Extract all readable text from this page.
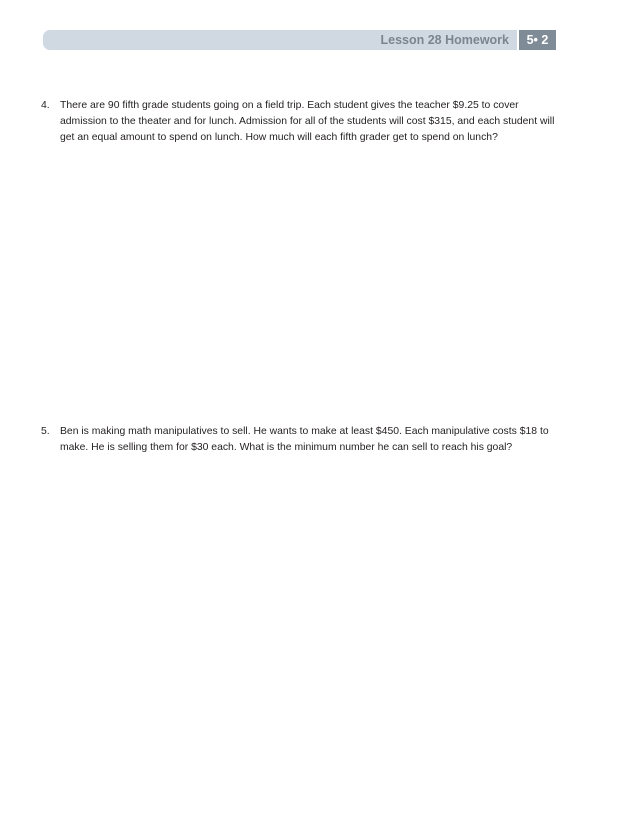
Lesson 28 Homework	5• 2
4. There are 90 fifth grade students going on a field trip. Each student gives the teacher $9.25 to cover admission to the theater and for lunch. Admission for all of the students will cost $315, and each student will get an equal amount to spend on lunch. How much will each fifth grader get to spend on lunch?
5. Ben is making math manipulatives to sell. He wants to make at least $450. Each manipulative costs $18 to make. He is selling them for $30 each. What is the minimum number he can sell to reach his goal?
